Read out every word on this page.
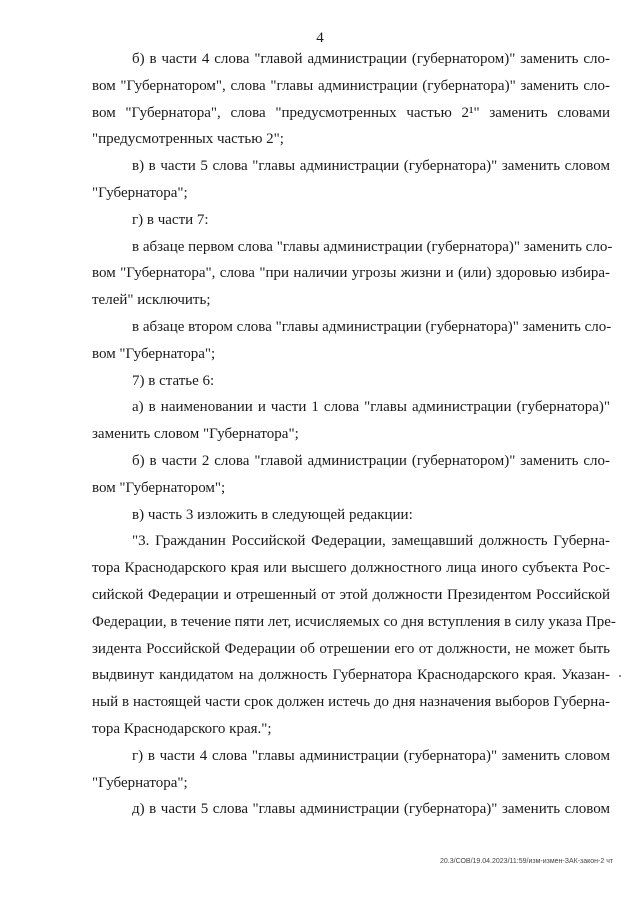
4
б) в части 4 слова "главой администрации (губернатором)" заменить сло-
вом "Губернатором", слова "главы администрации (губернатора)" заменить сло-
вом "Губернатора", слова "предусмотренных частью 2¹" заменить словами
"предусмотренных частью 2";
в) в части 5 слова "главы администрации (губернатора)" заменить словом
"Губернатора";
г) в части 7:
в абзаце первом слова "главы администрации (губернатора)" заменить сло-
вом "Губернатора", слова "при наличии угрозы жизни и (или) здоровью избира-
телей" исключить;
в абзаце втором слова "главы администрации (губернатора)" заменить сло-
вом "Губернатора";
7) в статье 6:
а) в наименовании и части 1 слова "главы администрации (губернатора)"
заменить словом "Губернатора";
б) в части 2 слова "главой администрации (губернатором)" заменить сло-
вом "Губернатором";
в) часть 3 изложить в следующей редакции:
"3. Гражданин Российской Федерации, замещавший должность Губерна-
тора Краснодарского края или высшего должностного лица иного субъекта Рос-
сийской Федерации и отрешенный от этой должности Президентом Российской
Федерации, в течение пяти лет, исчисляемых со дня вступления в силу указа Пре-
зидента Российской Федерации об отрешении его от должности, не может быть
выдвинут кандидатом на должность Губернатора Краснодарского края. Указан-
ный в настоящей части срок должен истечь до дня назначения выборов Губерна-
тора Краснодарского края.";
г) в части 4 слова "главы администрации (губернатора)" заменить словом
"Губернатора";
д) в части 5 слова "главы администрации (губернатора)" заменить словом
20.3/СОВ/19.04.2023/11:59/изм-измен-ЗАК-закон-2 чт
